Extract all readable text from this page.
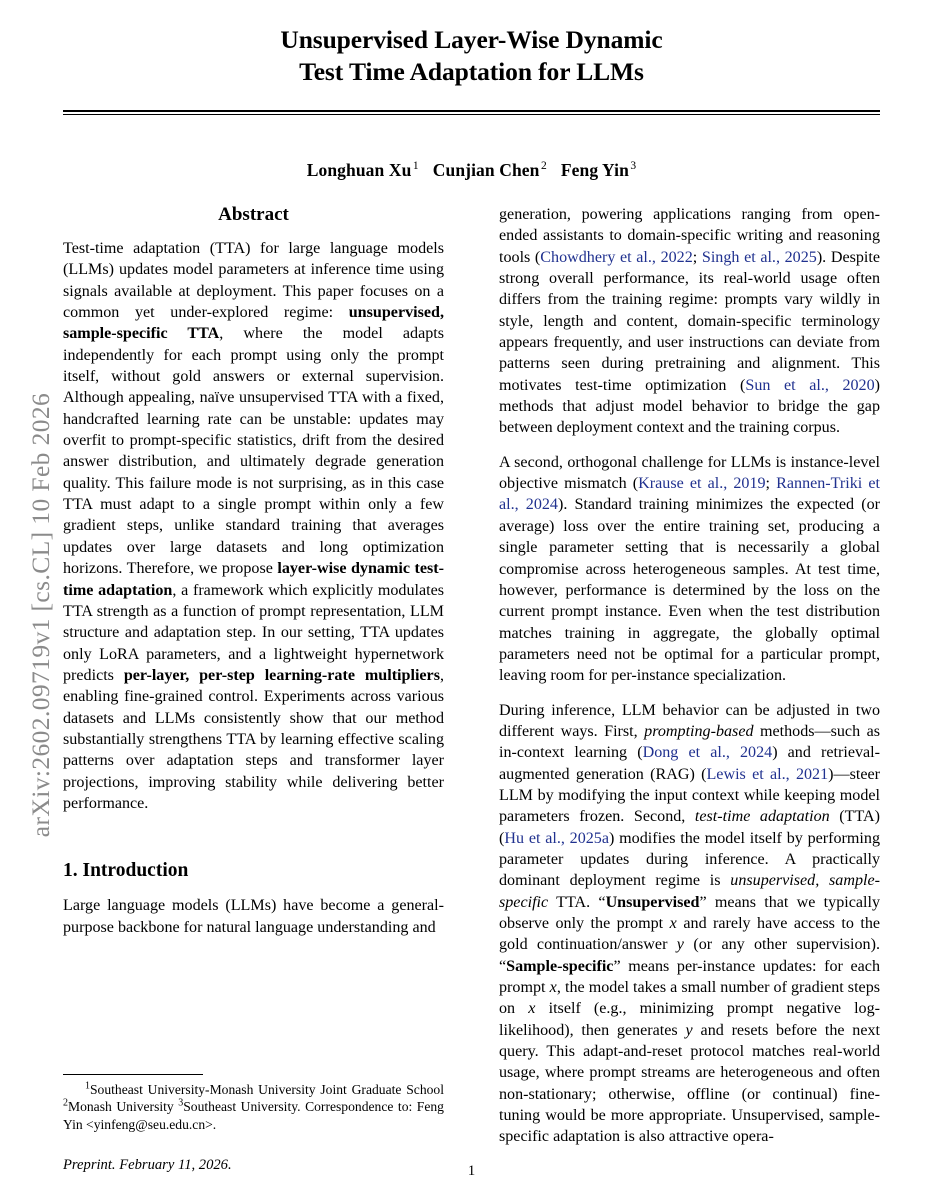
arXiv:2602.09719v1 [cs.CL] 10 Feb 2026
Unsupervised Layer-Wise Dynamic
Test Time Adaptation for LLMs
Longhuan Xu $^1$ Cunjian Chen $^2$ Feng Yin $^3$
Abstract

Test-time adaptation (TTA) for large language models (LLMs) updates model parameters at inference time using signals available at deployment. This paper focuses on a common yet under-explored regime: unsupervised, sample-specific TTA, where the model adapts independently for each prompt using only the prompt itself, without gold answers or external supervision. Although appealing, naïve unsupervised TTA with a fixed, handcrafted learning rate can be unstable: updates may overfit to prompt-specific statistics, drift from the desired answer distribution, and ultimately degrade generation quality. This failure mode is not surprising, as in this case TTA must adapt to a single prompt within only a few gradient steps, unlike standard training that averages updates over large datasets and long optimization horizons. Therefore, we propose layer-wise dynamic test-time adaptation, a framework which explicitly modulates TTA strength as a function of prompt representation, LLM structure and adaptation step. In our setting, TTA updates only LoRA parameters, and a lightweight hypernetwork predicts per-layer, per-step learning-rate multipliers, enabling fine-grained control. Experiments across various datasets and LLMs consistently show that our method substantially strengthens TTA by learning effective scaling patterns over adaptation steps and transformer layer projections, improving stability while delivering better performance.

1. Introduction

Large language models (LLMs) have become a general-purpose backbone for natural language understanding and

generation, powering applications ranging from open-ended assistants to domain-specific writing and reasoning tools (Chowdhery et al., 2022; Singh et al., 2025). Despite strong overall performance, its real-world usage often differs from the training regime: prompts vary wildly in style, length and content, domain-specific terminology appears frequently, and user instructions can deviate from patterns seen during pretraining and alignment. This motivates test-time optimization (Sun et al., 2020) methods that adjust model behavior to bridge the gap between deployment context and the training corpus.

A second, orthogonal challenge for LLMs is instance-level objective mismatch (Krause et al., 2019; Rannen-Triki et al., 2024). Standard training minimizes the expected (or average) loss over the entire training set, producing a single parameter setting that is necessarily a global compromise across heterogeneous samples. At test time, however, performance is determined by the loss on the current prompt instance. Even when the test distribution matches training in aggregate, the globally optimal parameters need not be optimal for a particular prompt, leaving room for per-instance specialization.

During inference, LLM behavior can be adjusted in two different ways. First, prompting-based methods—such as in-context learning (Dong et al., 2024) and retrieval-augmented generation (RAG) (Lewis et al., 2021)—steer LLM by modifying the input context while keeping model parameters frozen. Second, test-time adaptation (TTA) (Hu et al., 2025a) modifies the model itself by performing parameter updates during inference. A practically dominant deployment regime is unsupervised, sample-specific TTA. “Unsupervised” means that we typically observe only the prompt x and rarely have access to the gold continuation/answer y (or any other supervision). “Sample-specific” means per-instance updates: for each prompt x, the model takes a small number of gradient steps on x itself (e.g., minimizing prompt negative log-likelihood), then generates y and resets before the next query. This adapt-and-reset protocol matches real-world usage, where prompt streams are heterogeneous and often non-stationary; otherwise, offline (or continual) fine-tuning would be more appropriate. Unsupervised, sample-specific adaptation is also attractive opera-

$^1$Southeast University-Monash University Joint Graduate School $^2$Monash University $^3$Southeast University. Correspondence to: Feng Yin <yinfeng@seu.edu.cn>.

Preprint. February 11, 2026.	1
